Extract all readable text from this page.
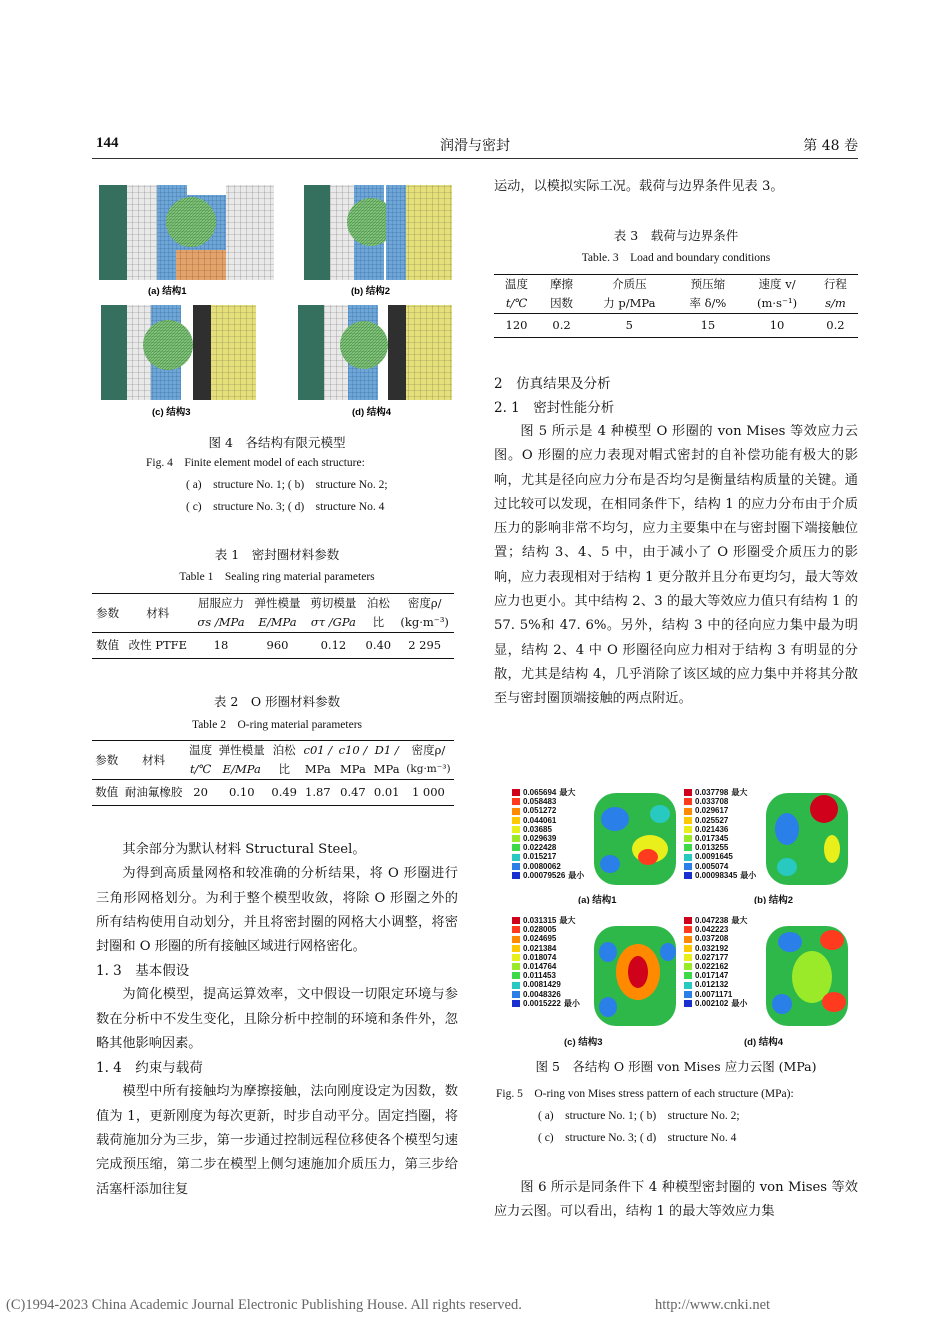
144	润滑与密封	第 48 卷
(a) 结构1	(b) 结构2
(c) 结构3	(d) 结构4
图 4　各结构有限元模型
Fig. 4　Finite element model of each structure:
( a)　structure No. 1; ( b)　structure No. 2;
( c)　structure No. 3; ( d)　structure No. 4
表 1　密封圈材料参数
Table 1　Sealing ring material parameters
参数	材料	屈服应力	弹性模量	剪切模量	泊松	密度ρ/
		σs /MPa	E/MPa	στ /GPa	比	(kg·m⁻³)
数值	改性 PTFE	18	960	0.12	0.40	2 295
表 2　O 形圈材料参数
Table 2　O-ring material parameters
参数	材料	温度	弹性模量	泊松	c01 /	c10 /	D1 /	密度ρ/
		t/℃	E/MPa	比	MPa	MPa	MPa	(kg·m⁻³)
数值	耐油氟橡胶	20	0.10	0.49	1.87	0.47	0.01	1 000

其余部分为默认材料 Structural Steel。

为得到高质量网格和较准确的分析结果，将 O 形圈进行三角形网格划分。为利于整个模型收敛，将除 O 形圈之外的所有结构使用自动划分，并且将密封圈的网格大小调整，将密封圈和 O 形圈的所有接触区域进行网格密化。

1. 3　基本假设

为简化模型，提高运算效率，文中假设一切限定环境与参数在分析中不发生变化，且除分析中控制的环境和条件外，忽略其他影响因素。

1. 4　约束与载荷

模型中所有接触均为摩擦接触，法向刚度设定为因数，数值为 1，更新刚度为每次更新，时步自动平分。固定挡圈，将载荷施加分为三步，第一步通过控制远程位移使各个模型匀速完成预压缩，第二步在模型上侧匀速施加介质压力，第三步给活塞杆添加往复

运动，以模拟实际工况。载荷与边界条件见表 3。
表 3　载荷与边界条件
Table. 3　Load and boundary conditions
温度	摩擦	介质压	预压缩	速度 v/	行程
t/℃	因数	力 p/MPa	率 δ/%	(m·s⁻¹)	s/m
120	0.2	5	15	10	0.2
2　仿真结果及分析
2. 1　密封性能分析

图 5 所示是 4 种模型 O 形圈的 von Mises 等效应力云图。O 形圈的应力表现对帽式密封的自补偿功能有极大的影响，尤其是径向应力分布是否均匀是衡量结构质量的关键。通过比较可以发现，在相同条件下，结构 1 的应力分布由于介质压力的影响非常不均匀，应力主要集中在与密封圈下端接触位置；结构 3、4、5 中，由于减小了 O 形圈受介质压力的影响，应力表现相对于结构 1 更分散并且分布更均匀，最大等效应力也更小。其中结构 2、3 的最大等效应力值只有结构 1 的 57. 5%和 47. 6%。另外，结构 3 中的径向应力集中最为明显，结构 2、4 中 O 形圈径向应力相对于结构 3 有明显的分散，尤其是结构 4，几乎消除了该区域的应力集中并将其分散至与密封圈顶端接触的两点附近。

0.065694 最大
0.058483
0.051272
0.044061
0.03685
0.029639
0.022428
0.015217
0.0080062
0.00079526 最小
(a) 结构1
0.037798 最大
0.033708
0.029617
0.025527
0.021436
0.017345
0.013255
0.0091645
0.005074
0.00098345 最小
(b) 结构2
0.031315 最大
0.028005
0.024695
0.021384
0.018074
0.014764
0.011453
0.0081429
0.0048326
0.0015222 最小
(c) 结构3
0.047238 最大
0.042223
0.037208
0.032192
0.027177
0.022162
0.017147
0.012132
0.0071171
0.002102 最小
(d) 结构4
图 5　各结构 O 形圈 von Mises 应力云图 (MPa)
Fig. 5　O-ring von Mises stress pattern of each structure (MPa):
( a)　structure No. 1; ( b)　structure No. 2;
( c)　structure No. 3; ( d)　structure No. 4

图 6 所示是同条件下 4 种模型密封圈的 von Mises 等效应力云图。可以看出，结构 1 的最大等效应力集

(C)1994-2023 China Academic Journal Electronic Publishing House. All rights reserved.	http://www.cnki.net
